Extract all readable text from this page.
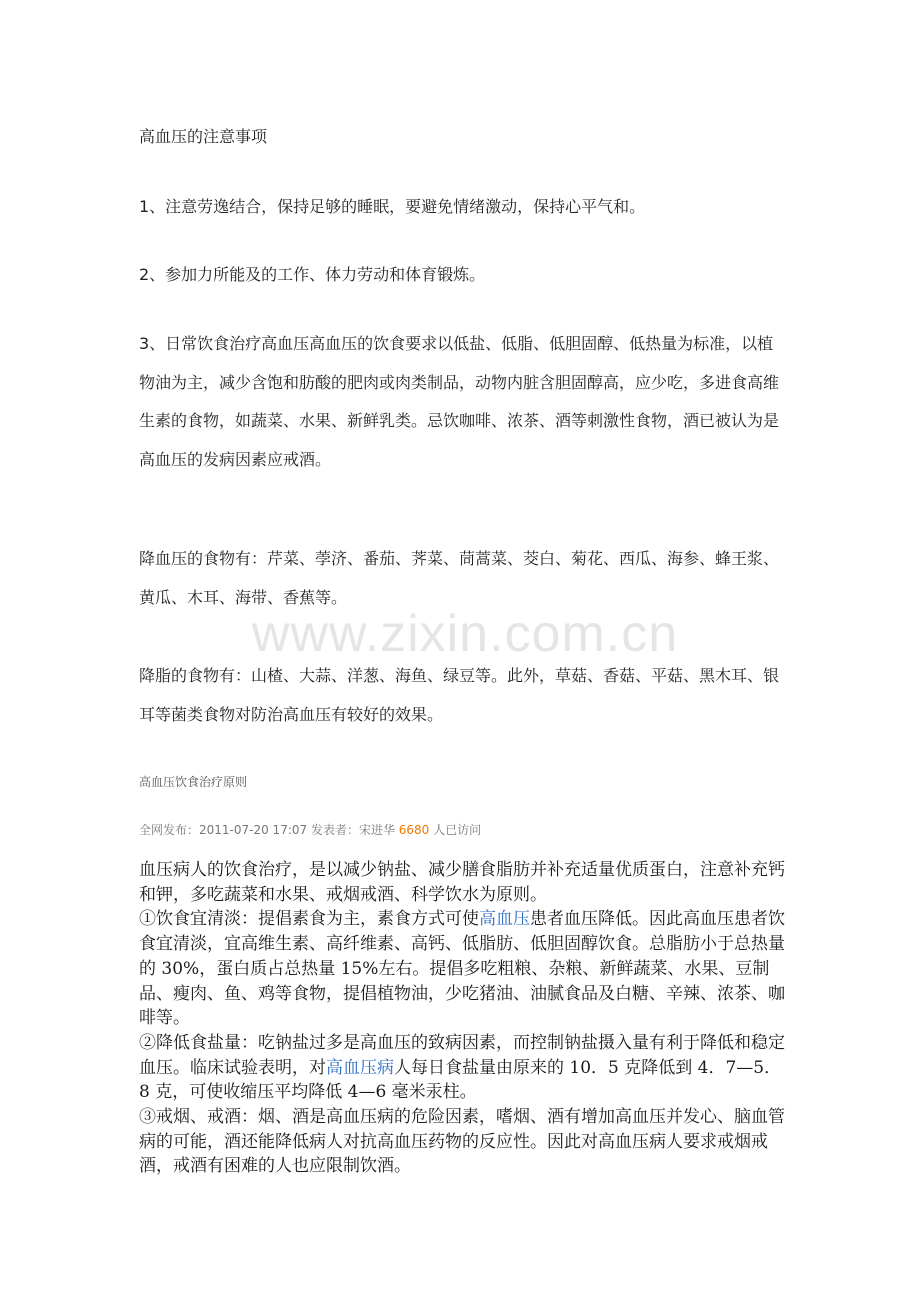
高血压的注意事项

1、注意劳逸结合，保持足够的睡眠，要避免情绪激动，保持心平气和。

2、参加力所能及的工作、体力劳动和体育锻炼。

3、日常饮食治疗高血压高血压的饮食要求以低盐、低脂、低胆固醇、低热量为标准，以植物油为主，减少含饱和肪酸的肥肉或肉类制品，动物内脏含胆固醇高，应少吃，多进食高维生素的食物，如蔬菜、水果、新鲜乳类。忌饮咖啡、浓茶、酒等刺激性食物，酒已被认为是高血压的发病因素应戒酒。

降血压的食物有：芹菜、荸济、番茄、荠菜、茼蒿菜、茭白、菊花、西瓜、海参、蜂王浆、黄瓜、木耳、海带、香蕉等。

降脂的食物有：山楂、大蒜、洋葱、海鱼、绿豆等。此外，草菇、香菇、平菇、黑木耳、银耳等菌类食物对防治高血压有较好的效果。

高血压饮食治疗原则

全网发布：2011-07-20 17:07 发表者：宋进华 6680 人已访问

血压病人的饮食治疗，是以减少钠盐、减少膳食脂肪并补充适量优质蛋白，注意补充钙和钾，多吃蔬菜和水果、戒烟戒酒、科学饮水为原则。

①饮食宜清淡：提倡素食为主，素食方式可使高血压患者血压降低。因此高血压患者饮食宜清淡，宜高维生素、高纤维素、高钙、低脂肪、低胆固醇饮食。总脂肪小于总热量的 30%，蛋白质占总热量 15%左右。提倡多吃粗粮、杂粮、新鲜蔬菜、水果、豆制品、瘦肉、鱼、鸡等食物，提倡植物油，少吃猪油、油腻食品及白糖、辛辣、浓茶、咖啡等。

②降低食盐量：吃钠盐过多是高血压的致病因素，而控制钠盐摄入量有利于降低和稳定血压。临床试验表明，对高血压病人每日食盐量由原来的 10．5 克降低到 4．7—5．8 克，可使收缩压平均降低 4—6 毫米汞柱。

③戒烟、戒酒：烟、酒是高血压病的危险因素，嗜烟、酒有增加高血压并发心、脑血管病的可能，酒还能降低病人对抗高血压药物的反应性。因此对高血压病人要求戒烟戒酒，戒酒有困难的人也应限制饮酒。

www.zixin.com.cn
